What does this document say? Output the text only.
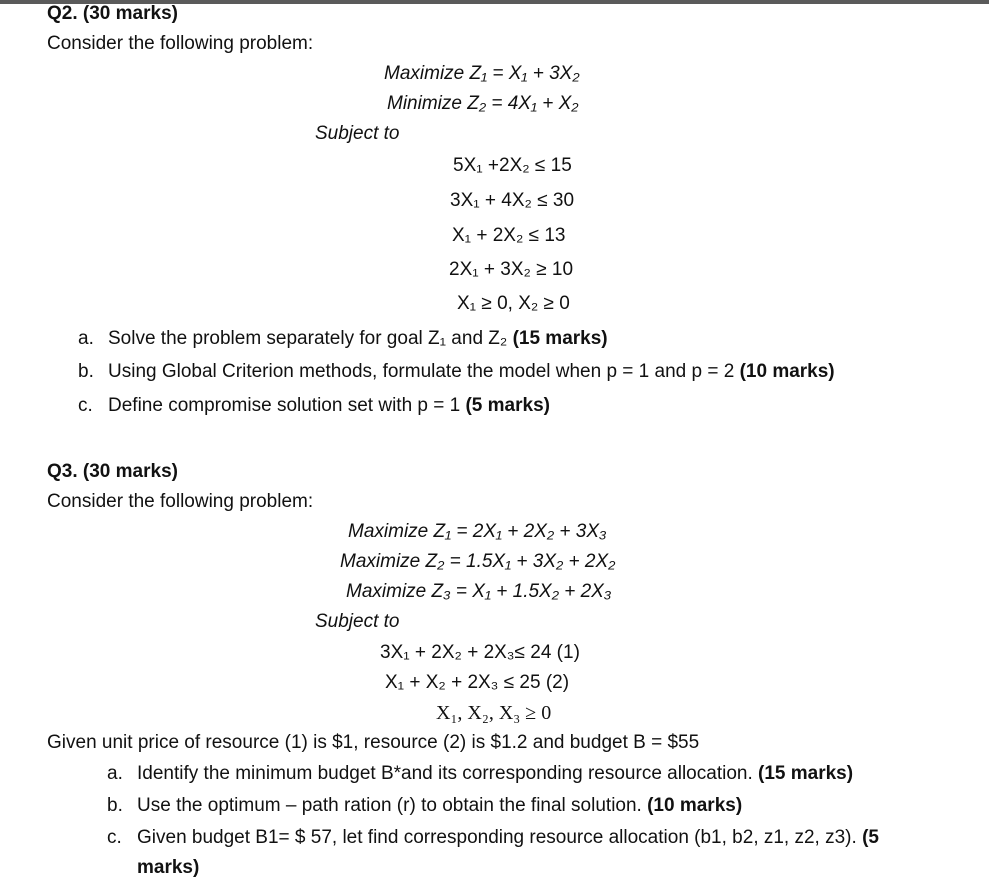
Q2. (30 marks)
Consider the following problem:
Maximize Z₁ = X₁ + 3X₂
Minimize Z₂ = 4X₁ + X₂
Subject to
5X₁ +2X₂ ≤ 15
3X₁ + 4X₂ ≤ 30
X₁ + 2X₂ ≤ 13
2X₁ + 3X₂ ≥ 10
X₁ ≥ 0, X₂ ≥ 0
a. Solve the problem separately for goal Z₁ and Z₂ (15 marks)
b. Using Global Criterion methods, formulate the model when p = 1 and p = 2 (10 marks)
c. Define compromise solution set with p = 1 (5 marks)
Q3. (30 marks)
Consider the following problem:
Maximize Z₁ = 2X₁ + 2X₂ + 3X₃
Maximize Z₂ = 1.5X₁ + 3X₂ + 2X₂
Maximize Z₃ = X₁ + 1.5X₂ + 2X₃
Subject to
3X₁ + 2X₂ + 2X₃≤ 24 (1)
X₁ + X₂ + 2X₃ ≤ 25 (2)
X₁, X₂, X₃ ≥ 0
Given unit price of resource (1) is $1, resource (2) is $1.2 and budget B = $55
a. Identify the minimum budget B*and its corresponding resource allocation. (15 marks)
b. Use the optimum – path ration (r) to obtain the final solution. (10 marks)
c. Given budget B1= $ 57, let find corresponding resource allocation (b1, b2, z1, z2, z3). (5
marks)
